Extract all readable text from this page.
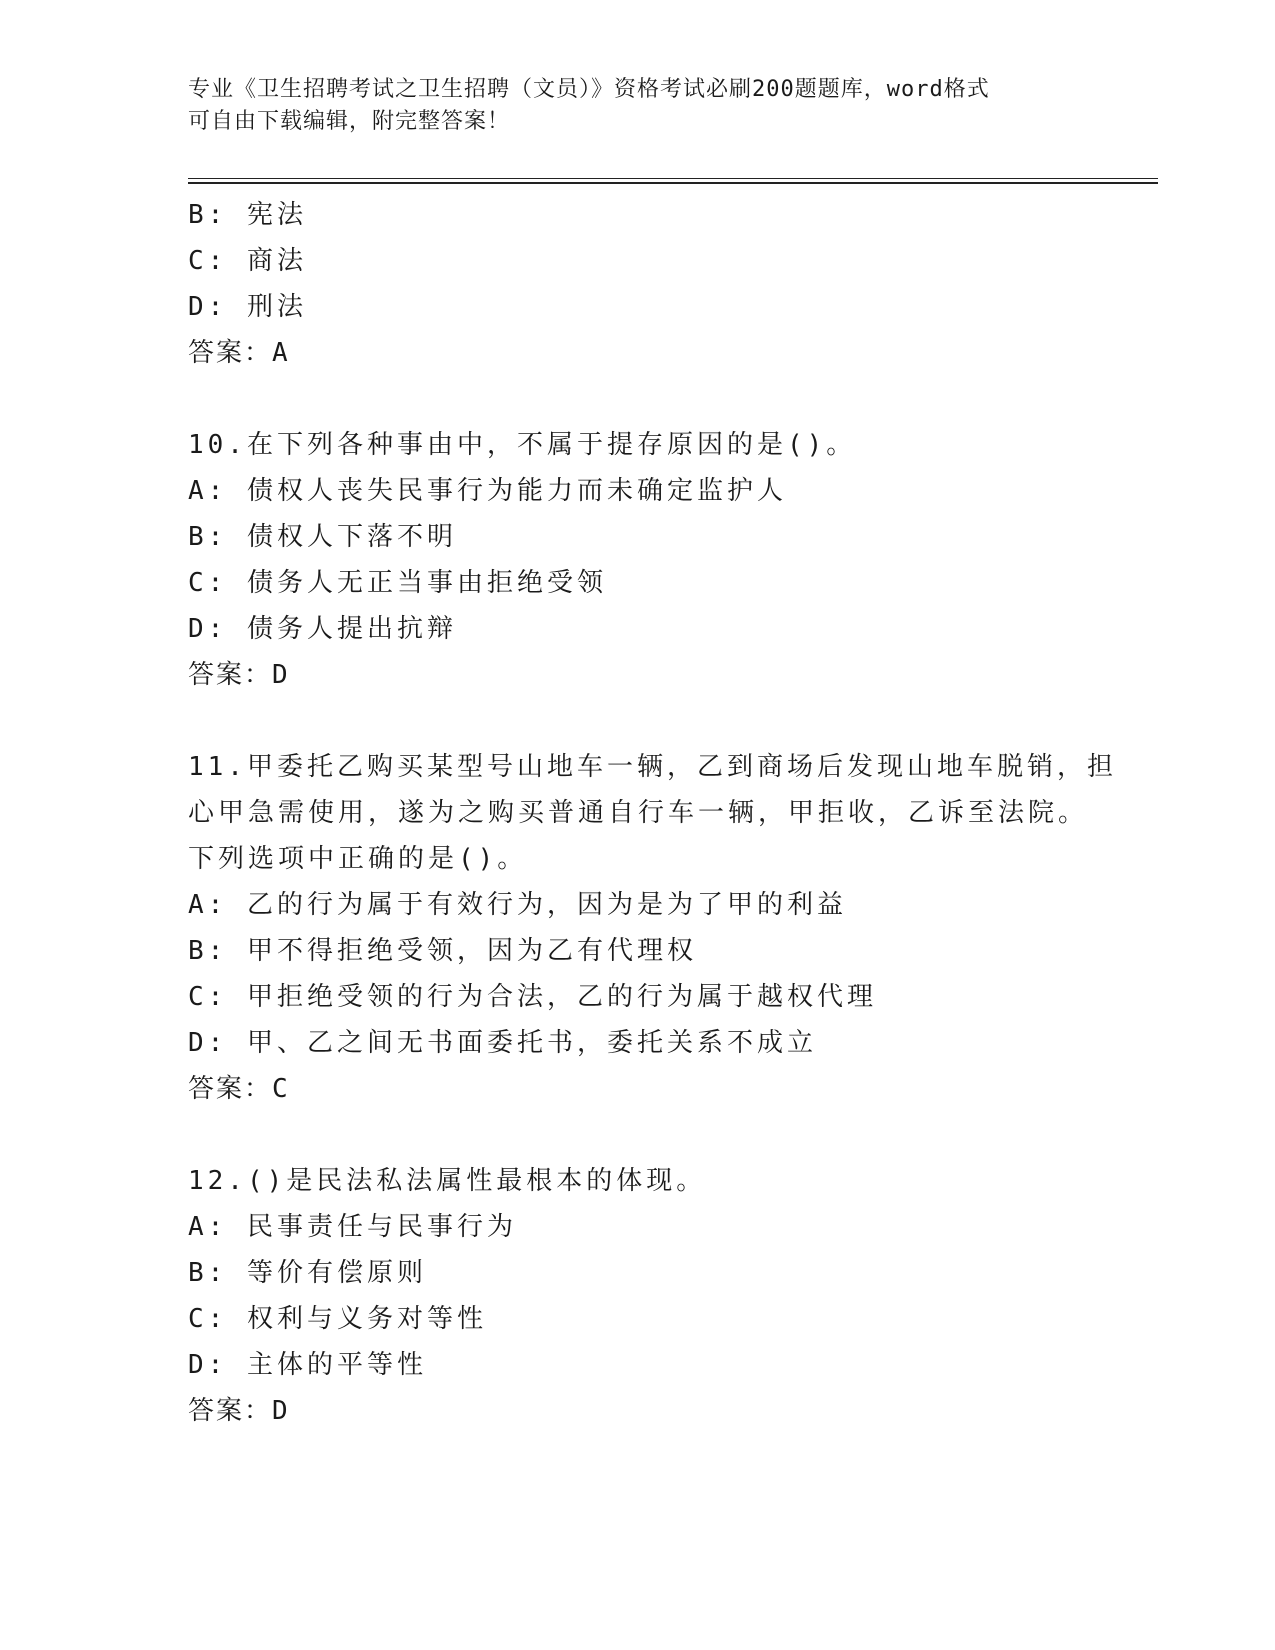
专业《卫生招聘考试之卫生招聘（文员）》资格考试必刷200题题库，word格式
可自由下载编辑，附完整答案！
B: 宪法
C: 商法
D: 刑法
答案：A
10.在下列各种事由中，不属于提存原因的是()。
A: 债权人丧失民事行为能力而未确定监护人
B: 债权人下落不明
C: 债务人无正当事由拒绝受领
D: 债务人提出抗辩
答案：D
11.甲委托乙购买某型号山地车一辆，乙到商场后发现山地车脱销，担
心甲急需使用，遂为之购买普通自行车一辆，甲拒收，乙诉至法院。
下列选项中正确的是()。
A: 乙的行为属于有效行为，因为是为了甲的利益
B: 甲不得拒绝受领，因为乙有代理权
C: 甲拒绝受领的行为合法，乙的行为属于越权代理
D: 甲、乙之间无书面委托书，委托关系不成立
答案：C
12.()是民法私法属性最根本的体现。
A: 民事责任与民事行为
B: 等价有偿原则
C: 权利与义务对等性
D: 主体的平等性
答案：D
